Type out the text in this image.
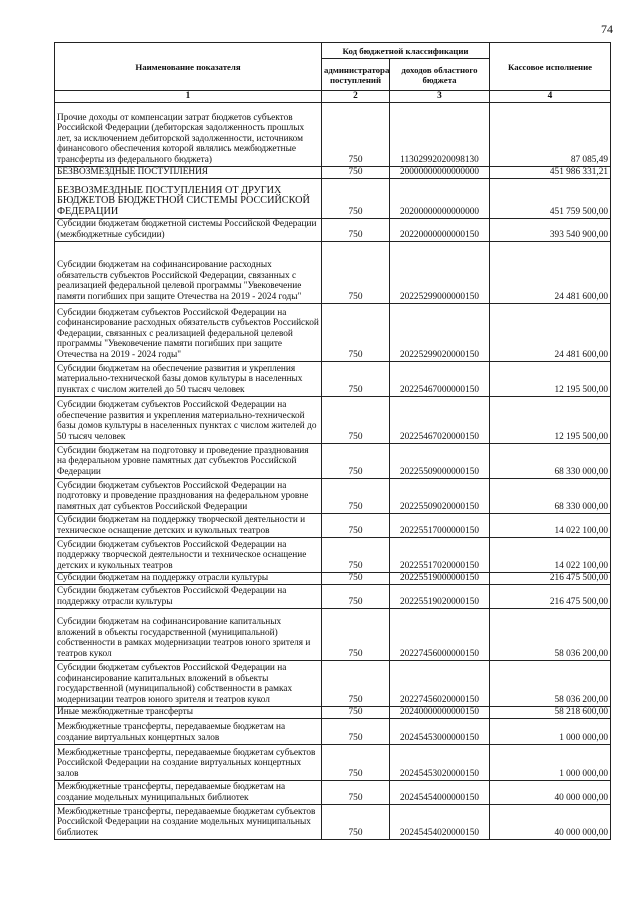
74
Наименование показателя	Код бюджетной классификации		Кассовое исполнение
	администратора поступлений	доходов областного бюджета	
1	2	3	4
Прочие доходы от компенсации затрат бюджетов субъектов Российской Федерации (дебиторская задолженность прошлых лет, за исключением дебиторской задолженности, источником финансового обеспечения которой являлись межбюджетные трансферты из федерального бюджета)	750	11302992020098130	87 085,49
БЕЗВОЗМЕЗДНЫЕ ПОСТУПЛЕНИЯ	750	20000000000000000	451 986 331,21
БЕЗВОЗМЕЗДНЫЕ ПОСТУПЛЕНИЯ ОТ ДРУГИХ БЮДЖЕТОВ БЮДЖЕТНОЙ СИСТЕМЫ РОССИЙСКОЙ ФЕДЕРАЦИИ	750	20200000000000000	451 759 500,00
Субсидии бюджетам бюджетной системы Российской Федерации (межбюджетные субсидии)	750	20220000000000150	393 540 900,00
Субсидии бюджетам на софинансирование расходных обязательств субъектов Российской Федерации, связанных с реализацией федеральной целевой программы "Увековечение памяти погибших при защите Отечества на 2019 - 2024 годы"	750	20225299000000150	24 481 600,00
Субсидии бюджетам субъектов Российской Федерации на софинансирование расходных обязательств субъектов Российской Федерации, связанных с реализацией федеральной целевой программы "Увековечение памяти погибших при защите Отечества на 2019 - 2024 годы"	750	20225299020000150	24 481 600,00
Субсидии бюджетам на обеспечение развития и укрепления материально-технической базы домов культуры в населенных пунктах с числом жителей до 50 тысяч человек	750	20225467000000150	12 195 500,00
Субсидии бюджетам субъектов Российской Федерации на обеспечение развития и укрепления материально-технической базы домов культуры в населенных пунктах с числом жителей до 50 тысяч человек	750	20225467020000150	12 195 500,00
Субсидии бюджетам на подготовку и проведение празднования на федеральном уровне памятных дат субъектов Российской Федерации	750	20225509000000150	68 330 000,00
Субсидии бюджетам субъектов Российской Федерации на подготовку и проведение празднования на федеральном уровне памятных дат субъектов Российской Федерации	750	20225509020000150	68 330 000,00
Субсидии бюджетам на поддержку творческой деятельности и техническое оснащение детских и кукольных театров	750	20225517000000150	14 022 100,00
Субсидии бюджетам субъектов Российской Федерации на поддержку творческой деятельности и техническое оснащение детских и кукольных театров	750	20225517020000150	14 022 100,00
Субсидии бюджетам на поддержку отрасли культуры	750	20225519000000150	216 475 500,00
Субсидии бюджетам субъектов Российской Федерации на поддержку отрасли культуры	750	20225519020000150	216 475 500,00
Субсидии бюджетам на софинансирование капитальных вложений в объекты государственной (муниципальной) собственности в рамках модернизации театров юного зрителя и театров кукол	750	20227456000000150	58 036 200,00
Субсидии бюджетам субъектов Российской Федерации на софинансирование капитальных вложений в объекты государственной (муниципальной) собственности в рамках модернизации театров юного зрителя и театров кукол	750	20227456020000150	58 036 200,00
Иные межбюджетные трансферты	750	20240000000000150	58 218 600,00
Межбюджетные трансферты, передаваемые бюджетам на создание виртуальных концертных залов	750	20245453000000150	1 000 000,00
Межбюджетные трансферты, передаваемые бюджетам субъектов Российской Федерации на создание виртуальных концертных залов	750	20245453020000150	1 000 000,00
Межбюджетные трансферты, передаваемые бюджетам на создание модельных муниципальных библиотек	750	20245454000000150	40 000 000,00
Межбюджетные трансферты, передаваемые бюджетам субъектов Российской Федерации на создание модельных муниципальных библиотек	750	20245454020000150	40 000 000,00
